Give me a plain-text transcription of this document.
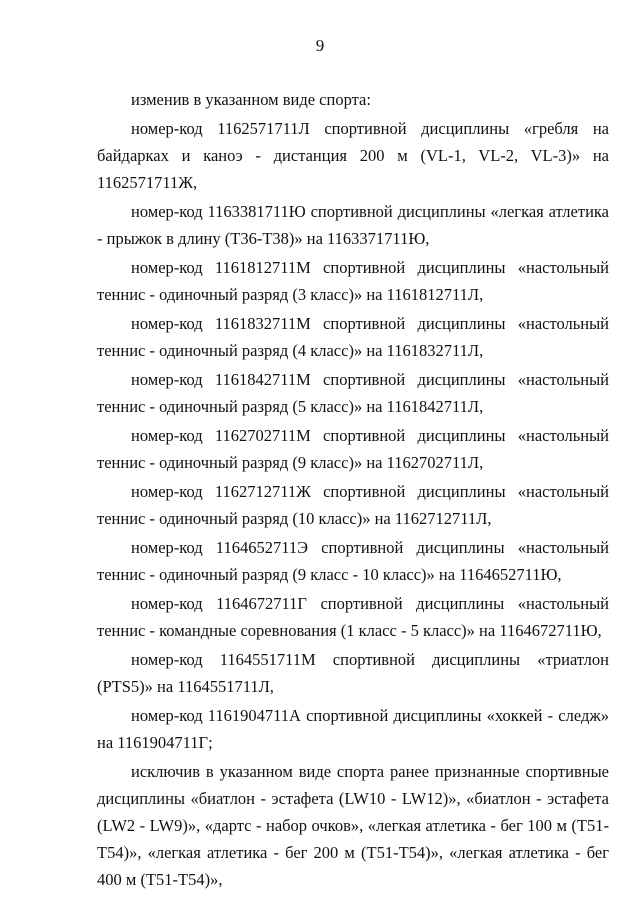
9

изменив в указанном виде спорта:

номер-код 1162571711Л спортивной дисциплины «гребля на байдарках и каноэ - дистанция 200 м (VL-1, VL-2, VL-3)» на 1162571711Ж,

номер-код 1163381711Ю спортивной дисциплины «легкая атлетика - прыжок в длину (Т36-Т38)» на 1163371711Ю,

номер-код 1161812711М спортивной дисциплины «настольный теннис - одиночный разряд (3 класс)» на 1161812711Л,

номер-код 1161832711М спортивной дисциплины «настольный теннис - одиночный разряд (4 класс)» на 1161832711Л,

номер-код 1161842711М спортивной дисциплины «настольный теннис - одиночный разряд (5 класс)» на 1161842711Л,

номер-код 1162702711М спортивной дисциплины «настольный теннис - одиночный разряд (9 класс)» на 1162702711Л,

номер-код 1162712711Ж спортивной дисциплины «настольный теннис - одиночный разряд (10 класс)» на 1162712711Л,

номер-код 1164652711Э спортивной дисциплины «настольный теннис - одиночный разряд (9 класс - 10 класс)» на 1164652711Ю,

номер-код 1164672711Г спортивной дисциплины «настольный теннис - командные соревнования (1 класс - 5 класс)» на 1164672711Ю,

номер-код 1164551711М спортивной дисциплины «триатлон (PTS5)» на 1164551711Л,

номер-код 1161904711А спортивной дисциплины «хоккей - следж» на 1161904711Г;

исключив в указанном виде спорта ранее признанные спортивные дисциплины «биатлон - эстафета (LW10 - LW12)», «биатлон - эстафета (LW2 - LW9)», «дартс - набор очков», «легкая атлетика - бег 100 м (Т51-Т54)», «легкая атлетика - бег 200 м (Т51-Т54)», «легкая атлетика - бег 400 м (Т51-Т54)»,
